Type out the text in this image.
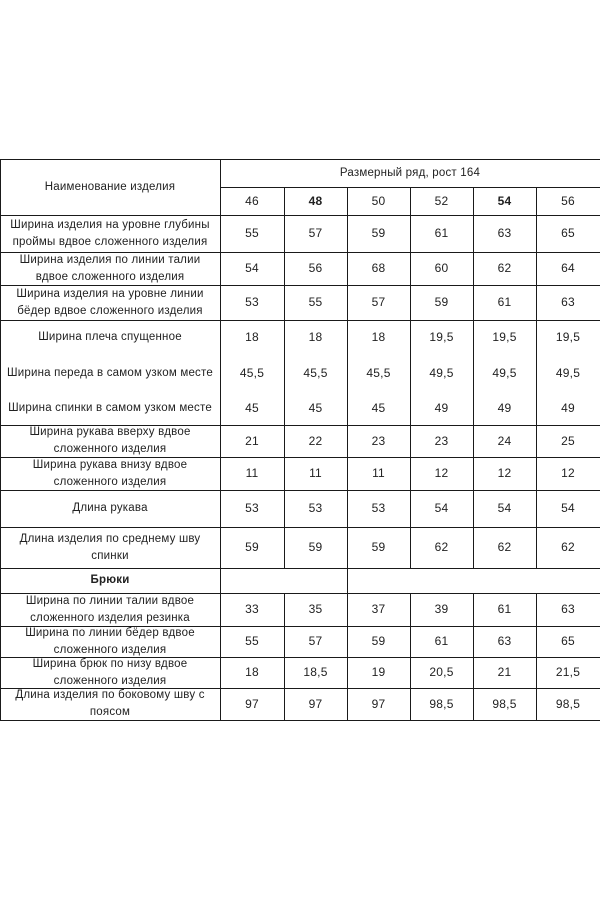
Наименование изделия
Размерный ряд, рост 164
46	48	50	52	54	56
Ширина изделия на уровне глубины проймы вдвое сложенного изделия
55	57	59	61	63	65
Ширина изделия по линии талии вдвое сложенного изделия
54	56	68	60	62	64
Ширина изделия на уровне линии бёдер вдвое сложенного изделия
53	55	57	59	61	63
Ширина плеча спущенное	18	18	18	19,5	19,5	19,5
Ширина переда в самом узком месте	45,5	45,5	45,5	49,5	49,5	49,5
Ширина спинки в самом узком месте	45	45	45	49	49	49
Ширина рукава вверху вдвое сложенного изделия
21	22	23	23	24	25
Ширина рукава внизу вдвое сложенного изделия
11	11	11	12	12	12
Длина рукава	53	53	53	54	54	54
Длина изделия по среднему шву спинки
59	59	59	62	62	62
Брюки
Ширина по линии талии вдвое сложенного изделия резинка
33	35	37	39	61	63
Ширина по линии бёдер вдвое сложенного изделия
55	57	59	61	63	65
Ширина брюк по низу вдвое сложенного изделия
18	18,5	19	20,5	21	21,5
Длина изделия по боковому шву с поясом
97	97	97	98,5	98,5	98,5
